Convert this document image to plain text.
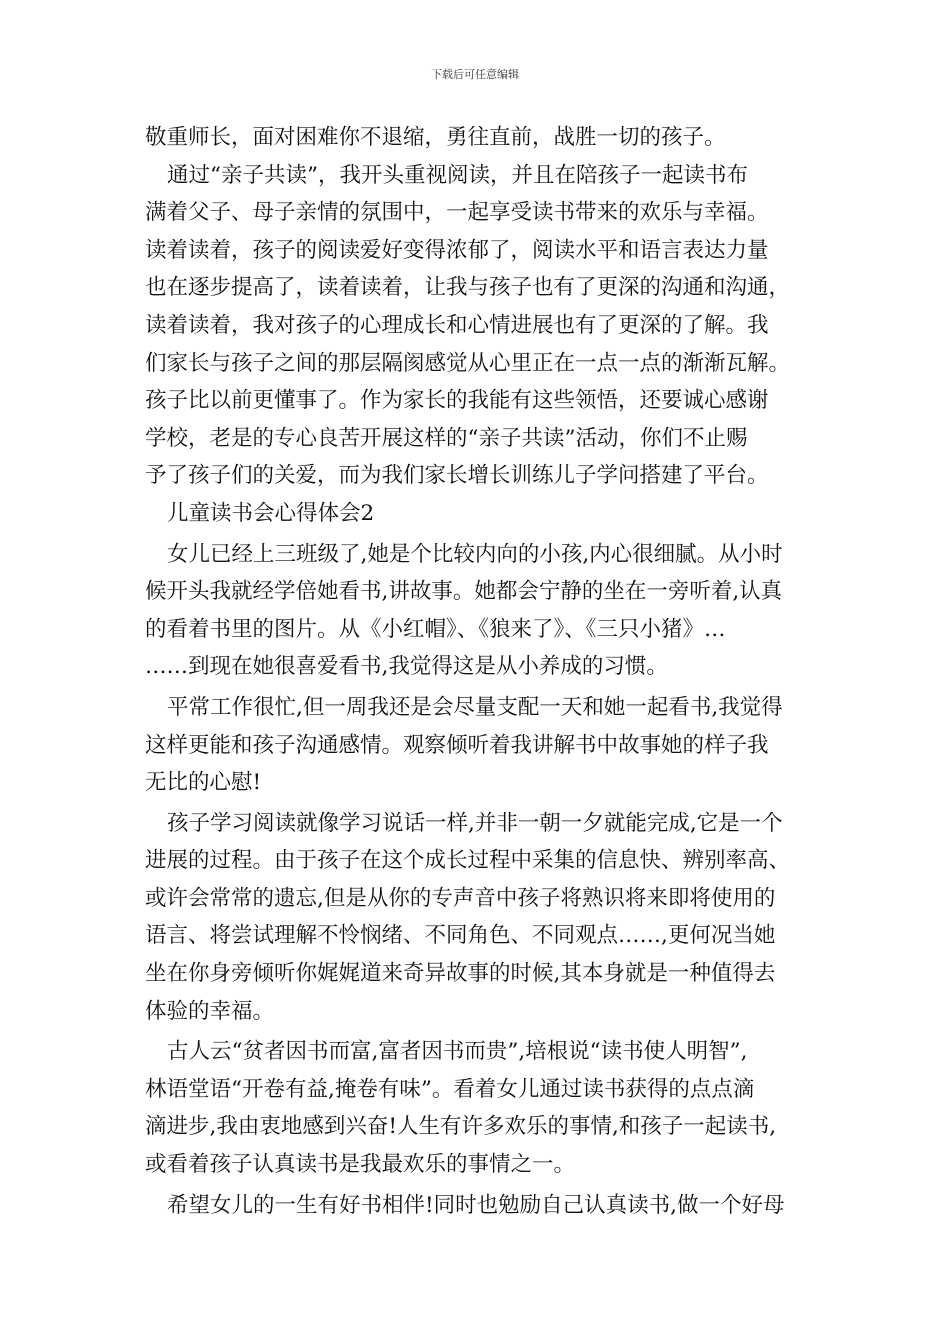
下载后可任意编辑
敬重师长，面对困难你不退缩，勇往直前，战胜一切的孩子。
通过“亲子共读”，我开头重视阅读，并且在陪孩子一起读书布
满着父子、母子亲情的氛围中，一起享受读书带来的欢乐与幸福。
读着读着，孩子的阅读爱好变得浓郁了，阅读水平和语言表达力量
也在逐步提高了，读着读着，让我与孩子也有了更深的沟通和沟通，
读着读着，我对孩子的心理成长和心情进展也有了更深的了解。我
们家长与孩子之间的那层隔阂感觉从心里正在一点一点的渐渐瓦解。
孩子比以前更懂事了。作为家长的我能有这些领悟，还要诚心感谢
学校，老是的专心良苦开展这样的“亲子共读”活动，你们不止赐
予了孩子们的关爱，而为我们家长增长训练儿子学问搭建了平台。
儿童读书会心得体会2
女儿已经上三班级了,她是个比较内向的小孩,内心很细腻。从小时
候开头我就经学倍她看书,讲故事。她都会宁静的坐在一旁听着,认真
的看着书里的图片。从《小红帽》、《狼来了》、《三只小猪》…
……到现在她很喜爱看书,我觉得这是从小养成的习惯。
平常工作很忙,但一周我还是会尽量支配一天和她一起看书,我觉得
这样更能和孩子沟通感情。观察倾听着我讲解书中故事她的样子我
无比的心慰!
孩子学习阅读就像学习说话一样,并非一朝一夕就能完成,它是一个
进展的过程。由于孩子在这个成长过程中采集的信息快、辨别率高、
或许会常常的遗忘,但是从你的专声音中孩子将熟识将来即将使用的
语言、将尝试理解不怜悯绪、不同角色、不同观点……,更何况当她
坐在你身旁倾听你娓娓道来奇异故事的时候,其本身就是一种值得去
体验的幸福。
古人云“贫者因书而富,富者因书而贵”,培根说“读书使人明智”,
林语堂语“开卷有益,掩卷有味”。看着女儿通过读书获得的点点滴
滴进步,我由衷地感到兴奋!人生有许多欢乐的事情,和孩子一起读书,
或看着孩子认真读书是我最欢乐的事情之一。
希望女儿的一生有好书相伴!同时也勉励自己认真读书,做一个好母
